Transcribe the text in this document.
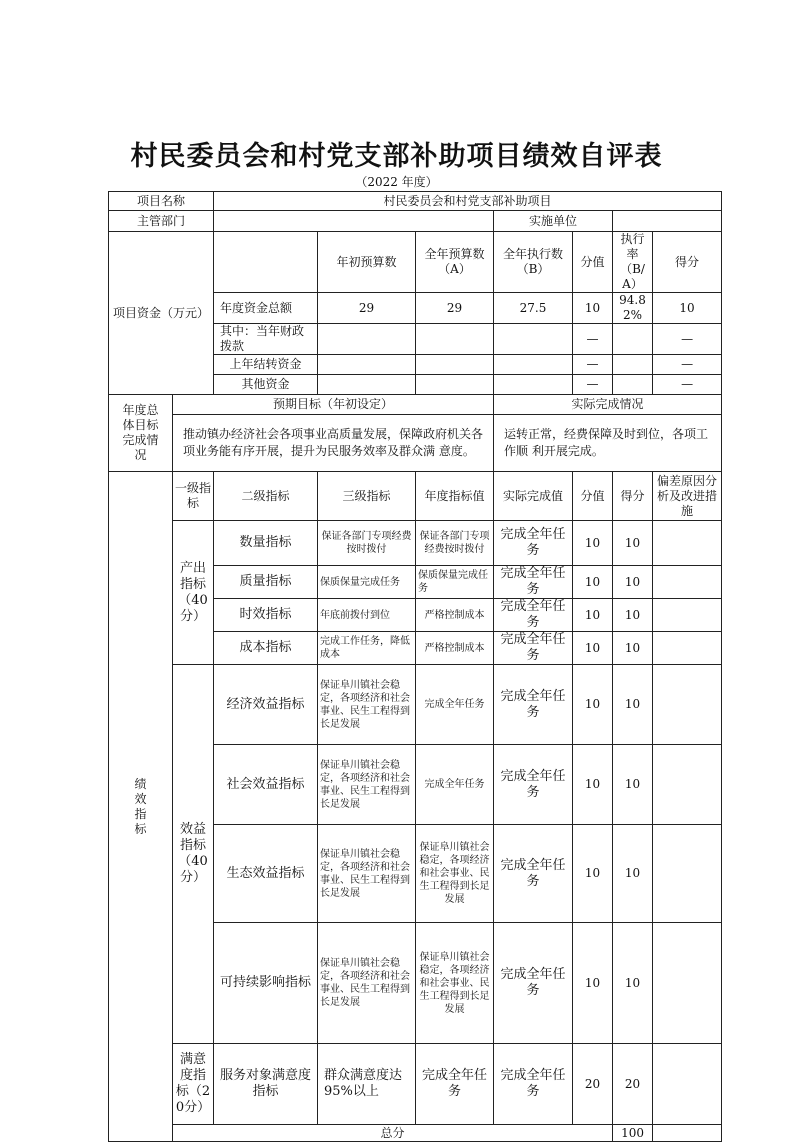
村民委员会和村党支部补助项目绩效自评表
（2022 年度）
项目名称		村民委员会和村党支部补助项目							
主管部门					实施单位				
项目资金（万元）			年初预算数	全年预算数（A）	全年执行数（B）	分值	执行率（B/A）	得分	
		年度资金总额	29	29	27.5	10	94.82%	10	
		其中：当年财政拨款				—		—	
		上年结转资金				—		—	
		其他资金				—		—	
年度总体目标完成情况	预期目标（年初设定）				实际完成情况				
	推动镇办经济社会各项事业高质量发展，保障政府机关各项业务能有序开展，提升为民服务效率及群众满 意度。				运转正常，经费保障及时到位，各项工作顺 利开展完成。				
绩效指标	一级指标	二级指标	三级指标	年度指标值	实际完成值	分值	得分	偏差原因分析及改进措施	
	产出指标（40分）	数量指标	保证各部门专项经费按时拨付	保证各部门专项经费按时拨付	完成全年任务	10	10		
		质量指标	保质保量完成任务	保质保量完成任务	完成全年任务	10	10		
		时效指标	年底前拨付到位	严格控制成本	完成全年任务	10	10		
		成本指标	完成工作任务，降低成本	严格控制成本	完成全年任务	10	10		
	效益指标（40分）	经济效益指标	保证阜川镇社会稳定，各项经济和社会事业、民生工程得到长足发展	完成全年任务	完成全年任务	10	10		
		社会效益指标	保证阜川镇社会稳定，各项经济和社会事业、民生工程得到长足发展	完成全年任务	完成全年任务	10	10		
		生态效益指标	保证阜川镇社会稳定，各项经济和社会事业、民生工程得到长足发展	保证阜川镇社会稳定，各项经济和社会事业、民生工程得到长足发展	完成全年任务	10	10		
		可持续影响指标	保证阜川镇社会稳定，各项经济和社会事业、民生工程得到长足发展	保证阜川镇社会稳定，各项经济和社会事业、民生工程得到长足发展	完成全年任务	10	10		
	满意度指标（20分）	服务对象满意度指标	群众满意度达 95%以上	完成全年任务	完成全年任务	20	20		
	总分						100		
